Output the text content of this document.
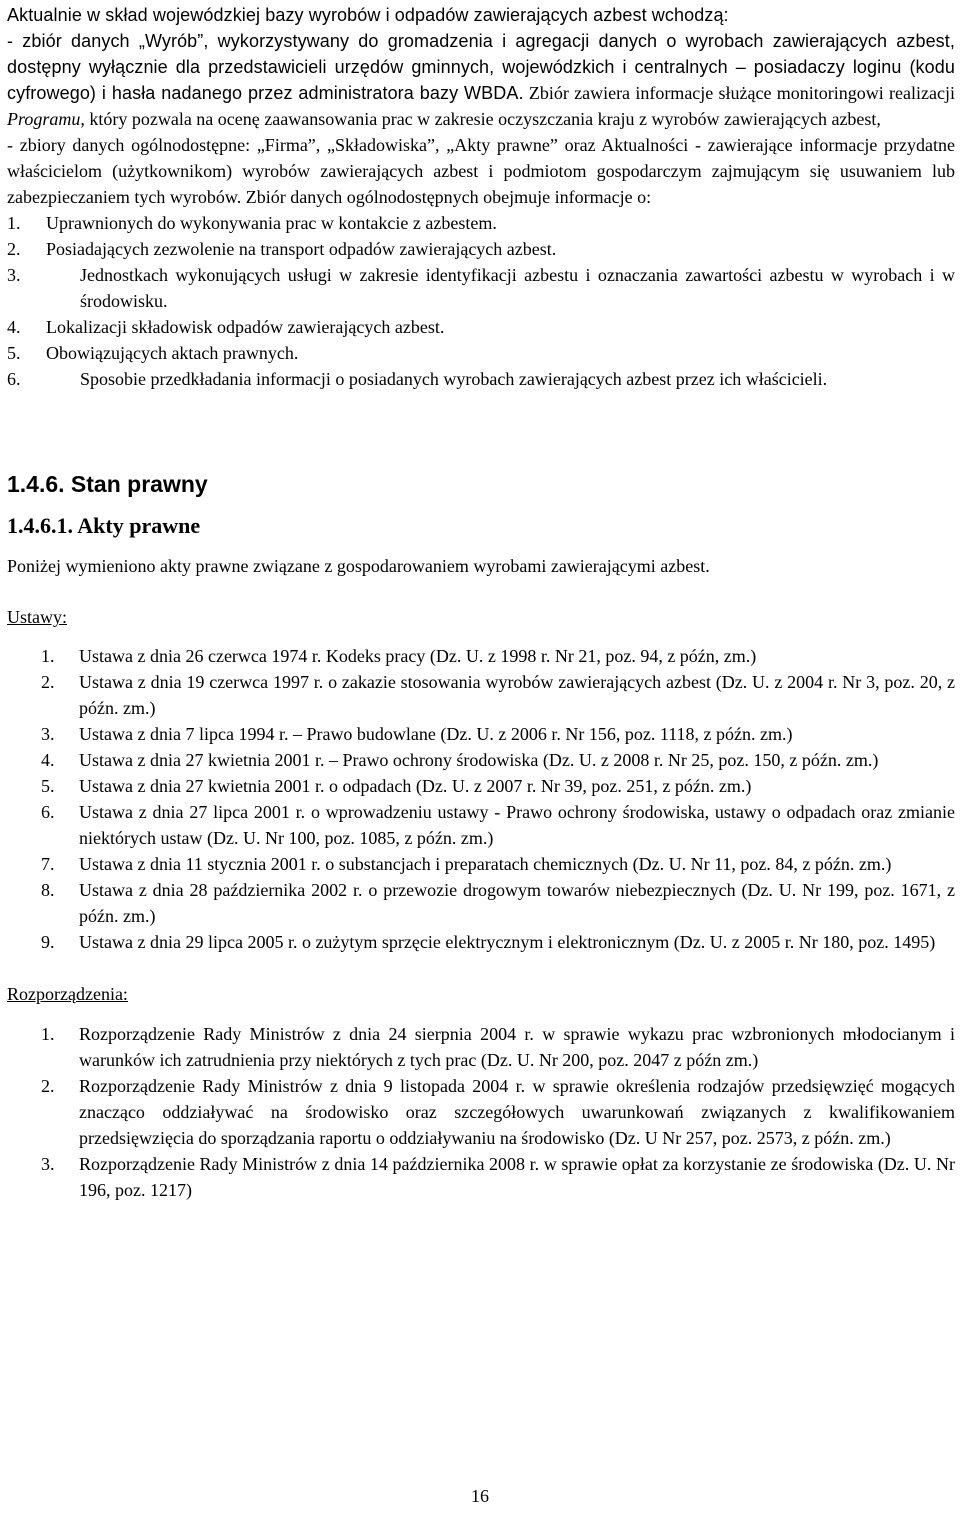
Aktualnie w skład wojewódzkiej bazy wyrobów i odpadów zawierających azbest wchodzą:

- zbiór danych „Wyrób”, wykorzystywany do gromadzenia i agregacji danych o wyrobach zawierających azbest, dostępny wyłącznie dla przedstawicieli urzędów gminnych, wojewódzkich i centralnych – posiadaczy loginu (kodu cyfrowego) i hasła nadanego przez administratora bazy WBDA. Zbiór zawiera informacje służące monitoringowi realizacji Programu, który pozwala na ocenę zaawansowania prac w zakresie oczyszczania kraju z wyrobów zawierających azbest,

- zbiory danych ogólnodostępne: „Firma”, „Składowiska”, „Akty prawne” oraz Aktualności - zawierające informacje przydatne właścicielom (użytkownikom) wyrobów zawierających azbest i podmiotom gospodarczym zajmującym się usuwaniem lub zabezpieczaniem tych wyrobów. Zbiór danych ogólnodostępnych obejmuje informacje o:

1. Uprawnionych do wykonywania prac w kontakcie z azbestem.
2. Posiadających zezwolenie na transport odpadów zawierających azbest.
3.	Jednostkach wykonujących usługi w zakresie identyfikacji azbestu i oznaczania zawartości azbestu w wyrobach i w środowisku.
4. Lokalizacji składowisk odpadów zawierających azbest.
5. Obowiązujących aktach prawnych.
6.	Sposobie przedkładania informacji o posiadanych wyrobach zawierających azbest przez ich właścicieli.
1.4.6. Stan prawny
1.4.6.1. Akty prawne

Poniżej wymieniono akty prawne związane z gospodarowaniem wyrobami zawierającymi azbest.

Ustawy:

1. Ustawa z dnia 26 czerwca 1974 r. Kodeks pracy (Dz. U. z 1998 r. Nr 21, poz. 94, z późn, zm.)
2. Ustawa z dnia 19 czerwca 1997 r. o zakazie stosowania wyrobów zawierających azbest (Dz. U. z 2004 r. Nr 3, poz. 20, z późn. zm.)
3. Ustawa z dnia 7 lipca 1994 r. – Prawo budowlane (Dz. U. z 2006 r. Nr 156, poz. 1118, z późn. zm.)
4. Ustawa z dnia 27 kwietnia 2001 r. – Prawo ochrony środowiska (Dz. U. z 2008 r. Nr 25, poz. 150, z późn. zm.)
5. Ustawa z dnia 27 kwietnia 2001 r. o odpadach (Dz. U. z 2007 r. Nr 39, poz. 251, z późn. zm.)
6. Ustawa z dnia 27 lipca 2001 r. o wprowadzeniu ustawy - Prawo ochrony środowiska, ustawy o odpadach oraz zmianie niektórych ustaw (Dz. U. Nr 100, poz. 1085, z późn. zm.)
7. Ustawa z dnia 11 stycznia 2001 r. o substancjach i preparatach chemicznych (Dz. U. Nr 11, poz. 84, z późn. zm.)
8. Ustawa z dnia 28 października 2002 r. o przewozie drogowym towarów niebezpiecznych (Dz. U. Nr 199, poz. 1671, z późn. zm.)
9. Ustawa z dnia 29 lipca 2005 r. o zużytym sprzęcie elektrycznym i elektronicznym (Dz. U. z 2005 r. Nr 180, poz. 1495)

Rozporządzenia:

1. Rozporządzenie Rady Ministrów z dnia 24 sierpnia 2004 r. w sprawie wykazu prac wzbronionych młodocianym i warunków ich zatrudnienia przy niektórych z tych prac (Dz. U. Nr 200, poz. 2047 z późn zm.)
2. Rozporządzenie Rady Ministrów z dnia 9 listopada 2004 r. w sprawie określenia rodzajów przedsięwzięć mogących znacząco oddziaływać na środowisko oraz szczegółowych uwarunkowań związanych z kwalifikowaniem przedsięwzięcia do sporządzania raportu o oddziaływaniu na środowisko (Dz. U Nr 257, poz. 2573, z późn. zm.)
3. Rozporządzenie Rady Ministrów z dnia 14 października 2008 r. w sprawie opłat za korzystanie ze środowiska (Dz. U. Nr 196, poz. 1217)
16
